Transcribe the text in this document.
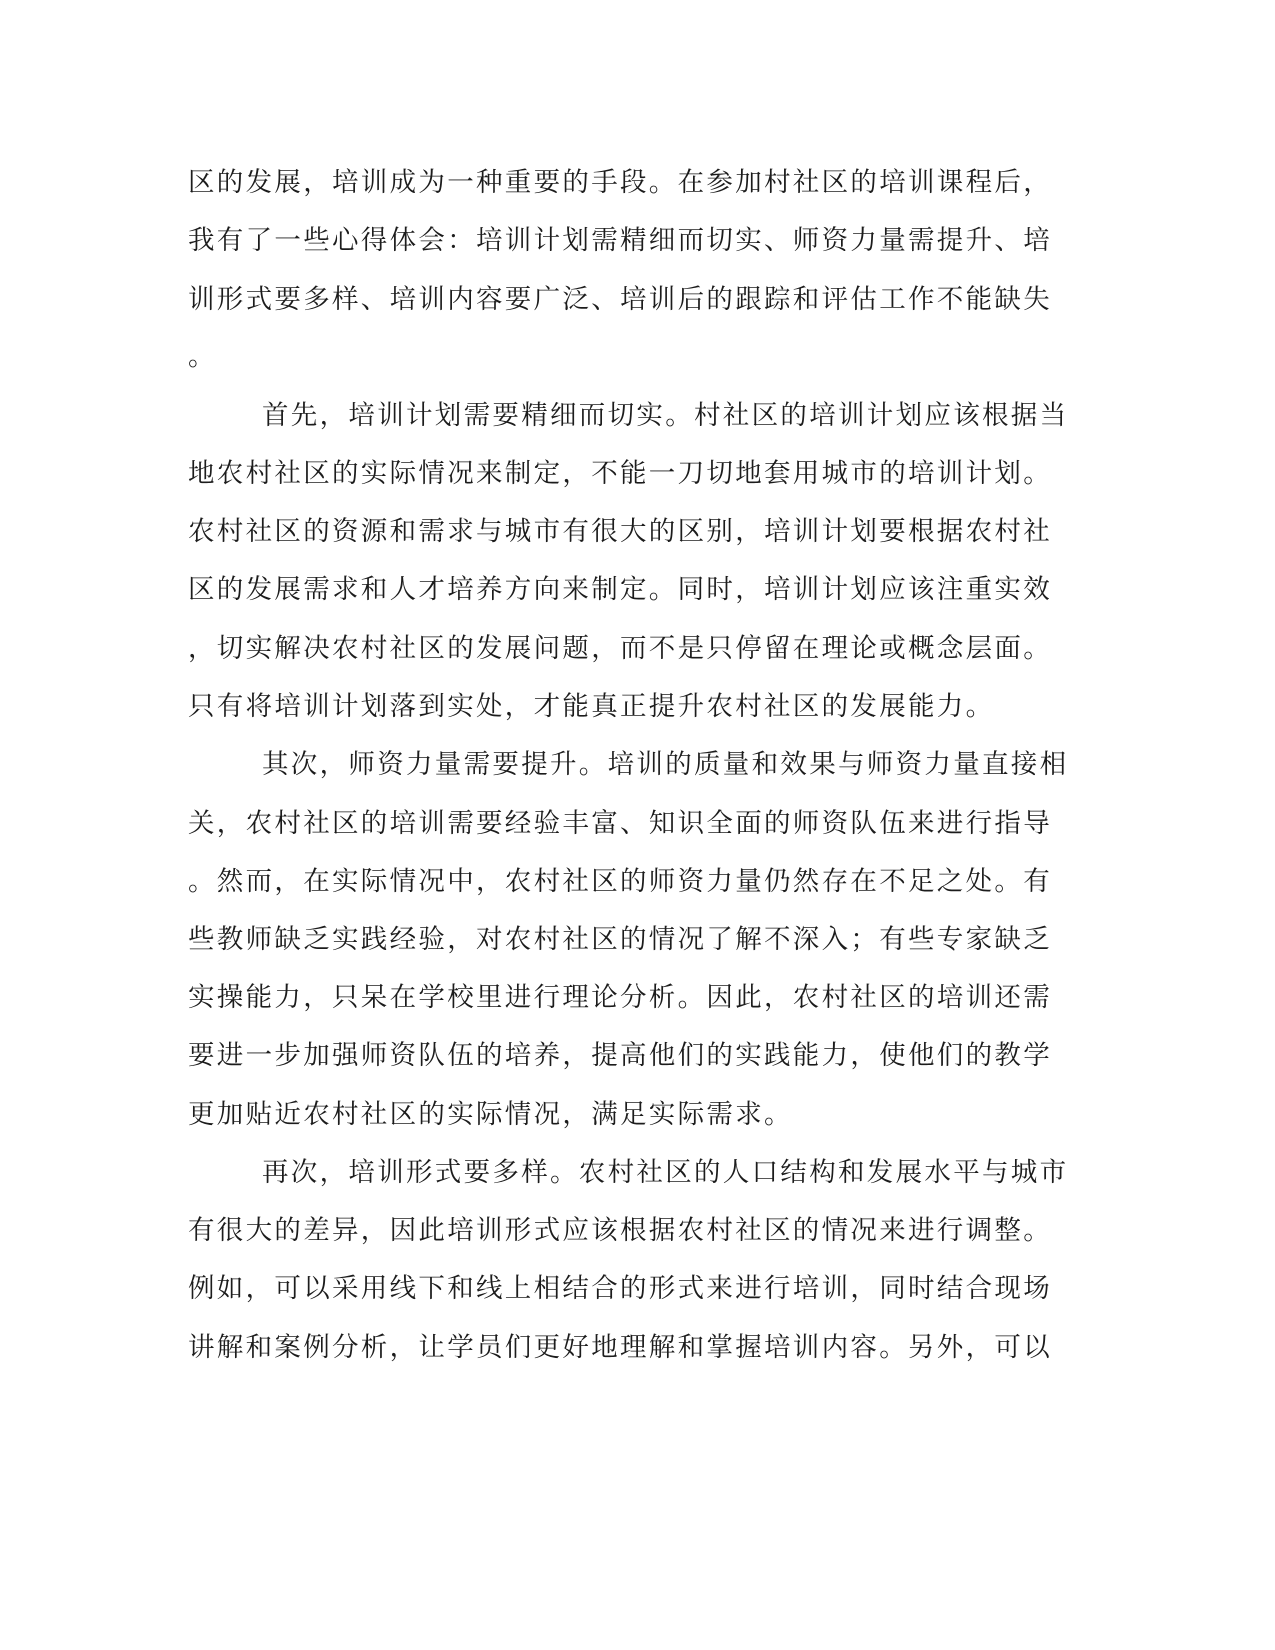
区的发展，培训成为一种重要的手段。在参加村社区的培训课程后，
我有了一些心得体会：培训计划需精细而切实、师资力量需提升、培
训形式要多样、培训内容要广泛、培训后的跟踪和评估工作不能缺失
。
首先，培训计划需要精细而切实。村社区的培训计划应该根据当
地农村社区的实际情况来制定，不能一刀切地套用城市的培训计划。
农村社区的资源和需求与城市有很大的区别，培训计划要根据农村社
区的发展需求和人才培养方向来制定。同时，培训计划应该注重实效
，切实解决农村社区的发展问题，而不是只停留在理论或概念层面。
只有将培训计划落到实处，才能真正提升农村社区的发展能力。
其次，师资力量需要提升。培训的质量和效果与师资力量直接相
关，农村社区的培训需要经验丰富、知识全面的师资队伍来进行指导
。然而，在实际情况中，农村社区的师资力量仍然存在不足之处。有
些教师缺乏实践经验，对农村社区的情况了解不深入；有些专家缺乏
实操能力，只呆在学校里进行理论分析。因此，农村社区的培训还需
要进一步加强师资队伍的培养，提高他们的实践能力，使他们的教学
更加贴近农村社区的实际情况，满足实际需求。
再次，培训形式要多样。农村社区的人口结构和发展水平与城市
有很大的差异，因此培训形式应该根据农村社区的情况来进行调整。
例如，可以采用线下和线上相结合的形式来进行培训，同时结合现场
讲解和案例分析，让学员们更好地理解和掌握培训内容。另外，可以
